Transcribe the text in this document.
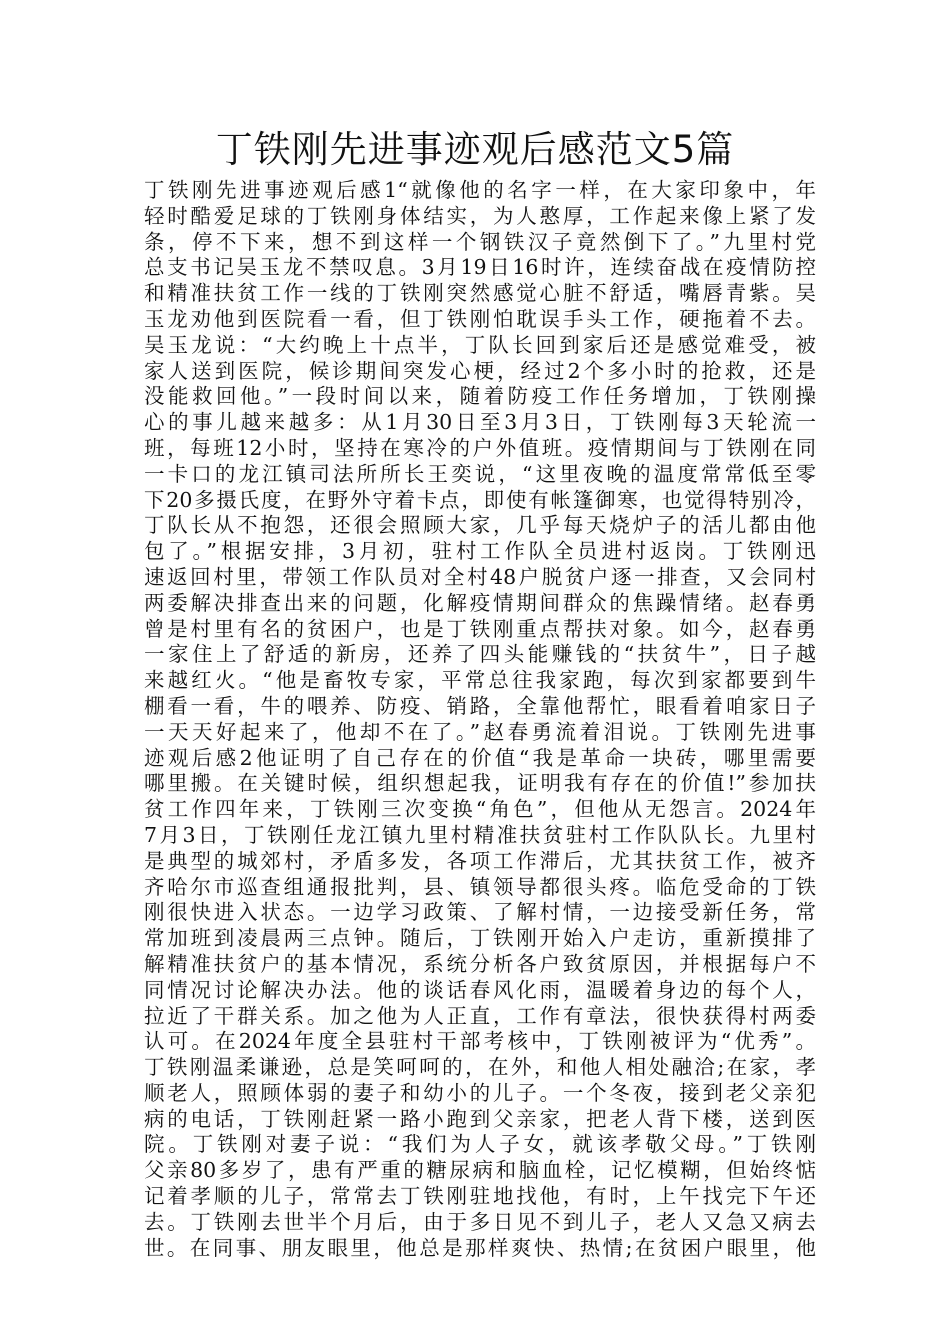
丁铁刚先进事迹观后感范文5篇
丁铁刚先进事迹观后感1“就像他的名字一样，在大家印象中，年
轻时酷爱足球的丁铁刚身体结实，为人憨厚，工作起来像上紧了发
条，停不下来，想不到这样一个钢铁汉子竟然倒下了。”九里村党
总支书记吴玉龙不禁叹息。3月19日16时许，连续奋战在疫情防控
和精准扶贫工作一线的丁铁刚突然感觉心脏不舒适，嘴唇青紫。吴
玉龙劝他到医院看一看，但丁铁刚怕耽误手头工作，硬拖着不去。
吴玉龙说：“大约晚上十点半，丁队长回到家后还是感觉难受，被
家人送到医院，候诊期间突发心梗，经过2个多小时的抢救，还是
没能救回他。”一段时间以来，随着防疫工作任务增加，丁铁刚操
心的事儿越来越多：从1月30日至3月3日，丁铁刚每3天轮流一
班，每班12小时，坚持在寒冷的户外值班。疫情期间与丁铁刚在同
一卡口的龙江镇司法所所长王奕说，“这里夜晚的温度常常低至零
下20多摄氏度，在野外守着卡点，即使有帐篷御寒，也觉得特别冷，
丁队长从不抱怨，还很会照顾大家，几乎每天烧炉子的活儿都由他
包了。”根据安排，3月初，驻村工作队全员进村返岗。丁铁刚迅
速返回村里，带领工作队员对全村48户脱贫户逐一排查，又会同村
两委解决排查出来的问题，化解疫情期间群众的焦躁情绪。赵春勇
曾是村里有名的贫困户，也是丁铁刚重点帮扶对象。如今，赵春勇
一家住上了舒适的新房，还养了四头能赚钱的“扶贫牛”，日子越
来越红火。“他是畜牧专家，平常总往我家跑，每次到家都要到牛
棚看一看，牛的喂养、防疫、销路，全靠他帮忙，眼看着咱家日子
一天天好起来了，他却不在了。”赵春勇流着泪说。丁铁刚先进事
迹观后感2他证明了自己存在的价值“我是革命一块砖，哪里需要
哪里搬。在关键时候，组织想起我，证明我有存在的价值!”参加扶
贫工作四年来，丁铁刚三次变换“角色”，但他从无怨言。2024年
7月3日，丁铁刚任龙江镇九里村精准扶贫驻村工作队队长。九里村
是典型的城郊村，矛盾多发，各项工作滞后，尤其扶贫工作，被齐
齐哈尔市巡查组通报批判，县、镇领导都很头疼。临危受命的丁铁
刚很快进入状态。一边学习政策、了解村情，一边接受新任务，常
常加班到凌晨两三点钟。随后，丁铁刚开始入户走访，重新摸排了
解精准扶贫户的基本情况，系统分析各户致贫原因，并根据每户不
同情况讨论解决办法。他的谈话春风化雨，温暖着身边的每个人，
拉近了干群关系。加之他为人正直，工作有章法，很快获得村两委
认可。在2024年度全县驻村干部考核中，丁铁刚被评为“优秀”。
丁铁刚温柔谦逊，总是笑呵呵的，在外，和他人相处融洽;在家，孝
顺老人，照顾体弱的妻子和幼小的儿子。一个冬夜，接到老父亲犯
病的电话，丁铁刚赶紧一路小跑到父亲家，把老人背下楼，送到医
院。丁铁刚对妻子说：“我们为人子女，就该孝敬父母。”丁铁刚
父亲80多岁了，患有严重的糖尿病和脑血栓，记忆模糊，但始终惦
记着孝顺的儿子，常常去丁铁刚驻地找他，有时，上午找完下午还
去。丁铁刚去世半个月后，由于多日见不到儿子，老人又急又病去
世。在同事、朋友眼里，他总是那样爽快、热情;在贫困户眼里，他
